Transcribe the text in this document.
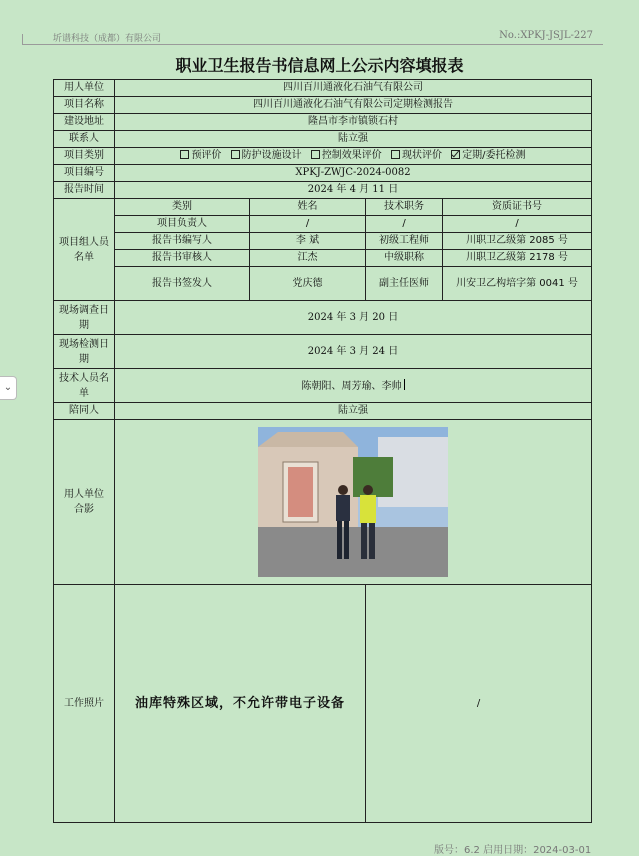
⌄
圻谱科技（成都）有限公司	No.:XPKJ-JSJL-227
职业卫生报告书信息网上公示内容填报表
用人单位	四川百川通液化石油气有限公司			
项目名称	四川百川通液化石油气有限公司定期检测报告			
建设地址	隆昌市李市镇锁石村			
联系人	陆立强			
项目类别	预评价 防护设施设计 控制效果评价 现状评价 定期/委托检测			
项目编号	XPKJ-ZWJC-2024-0082			
报告时间	2024 年 4 月 11 日			
项目组人员名单	类别	姓名	技术职务	资质证书号
	项目负责人	/	/	/
	报告书编写人	李 斌	初级工程师	川职卫乙级第 2085 号
	报告书审核人	江杰	中级职称	川职卫乙级第 2178 号
	报告书签发人	党庆德	副主任医师	川安卫乙构培字第 0041 号
现场调查日期	2024 年 3 月 20 日			
现场检测日期	2024 年 3 月 24 日			
技术人员名单	陈朝阳、周芳瑜、李帅			
陪同人	陆立强			
用人单位合影	

工作照片	油库特殊区域，不允许带电子设备		/	
版号：6.2 启用日期：2024-03-01
